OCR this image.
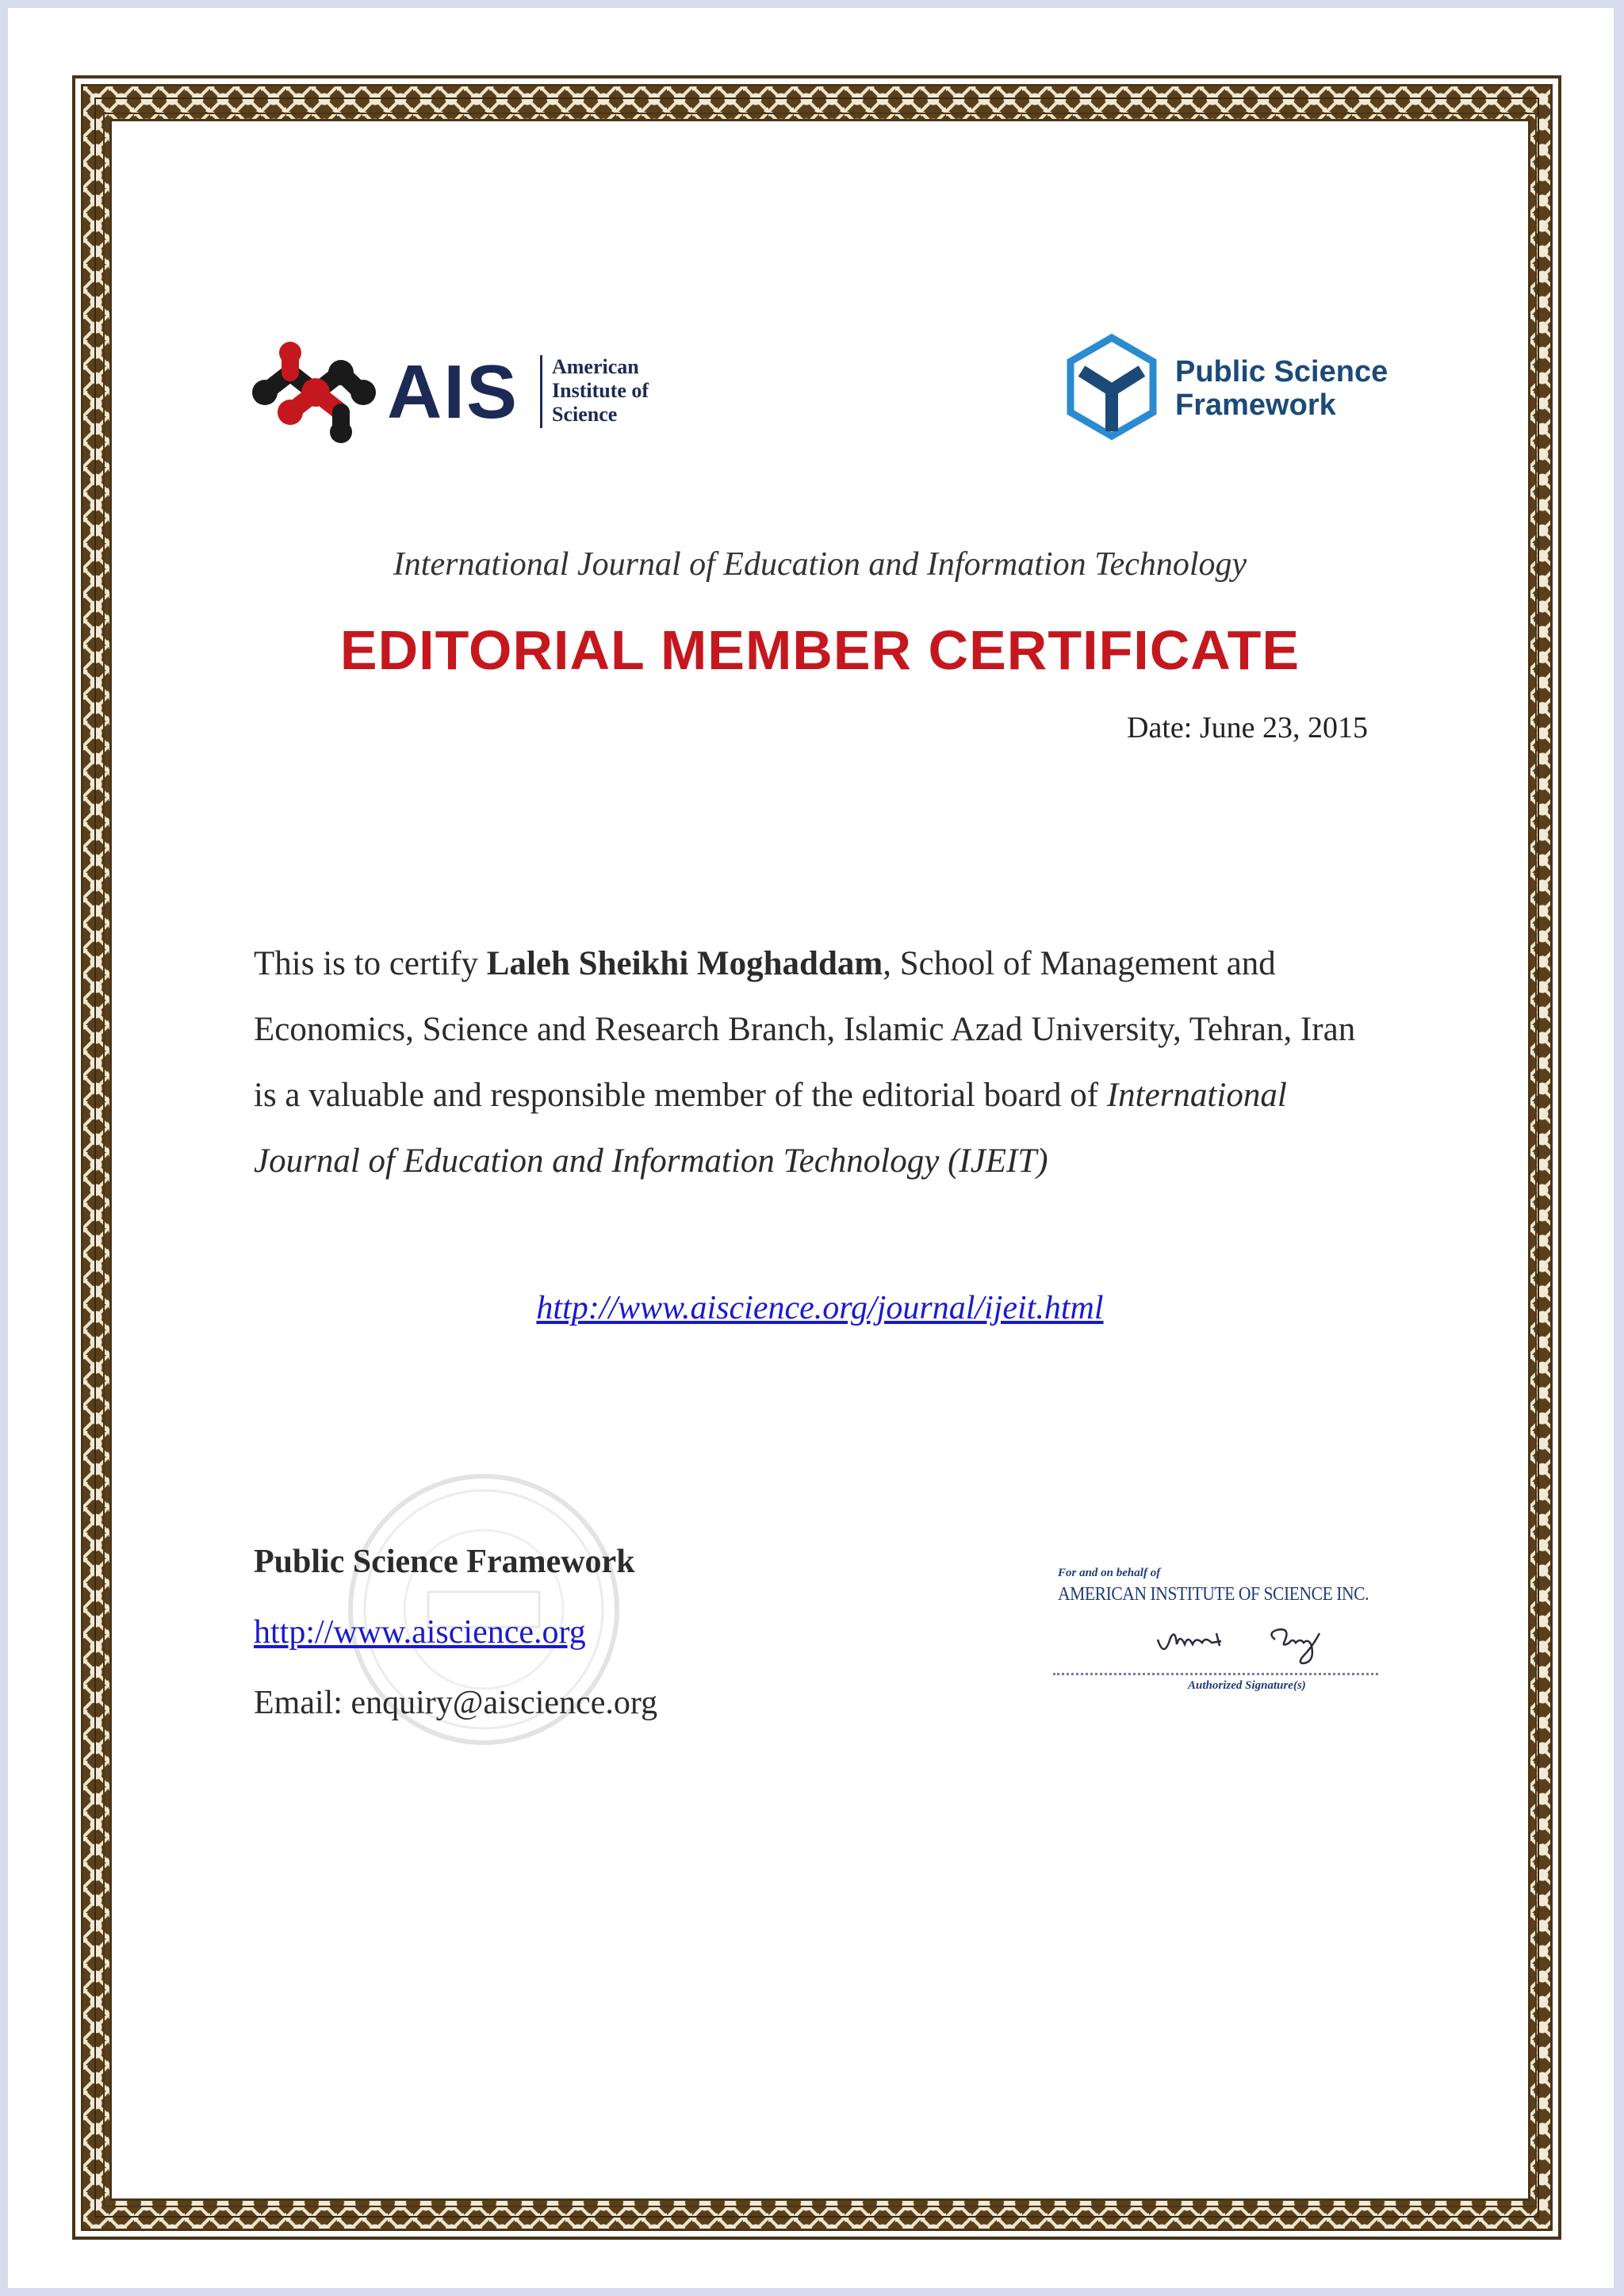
AIS American
Institute of
Science
Public Science
Framework
International Journal of Education and Information Technology
EDITORIAL MEMBER CERTIFICATE
Date: June 23, 2015
This is to certify Laleh Sheikhi Moghaddam, School of Management and Economics, Science and Research Branch, Islamic Azad University, Tehran, Iran is a valuable and responsible member of the editorial board of International Journal of Education and Information Technology (IJEIT)
http://www.aiscience.org/journal/ijeit.html
Public Science Framework
http://www.aiscience.org
Email: enquiry@aiscience.org
For and on behalf of
AMERICAN INSTITUTE OF SCIENCE INC.
Authorized Signature(s)
